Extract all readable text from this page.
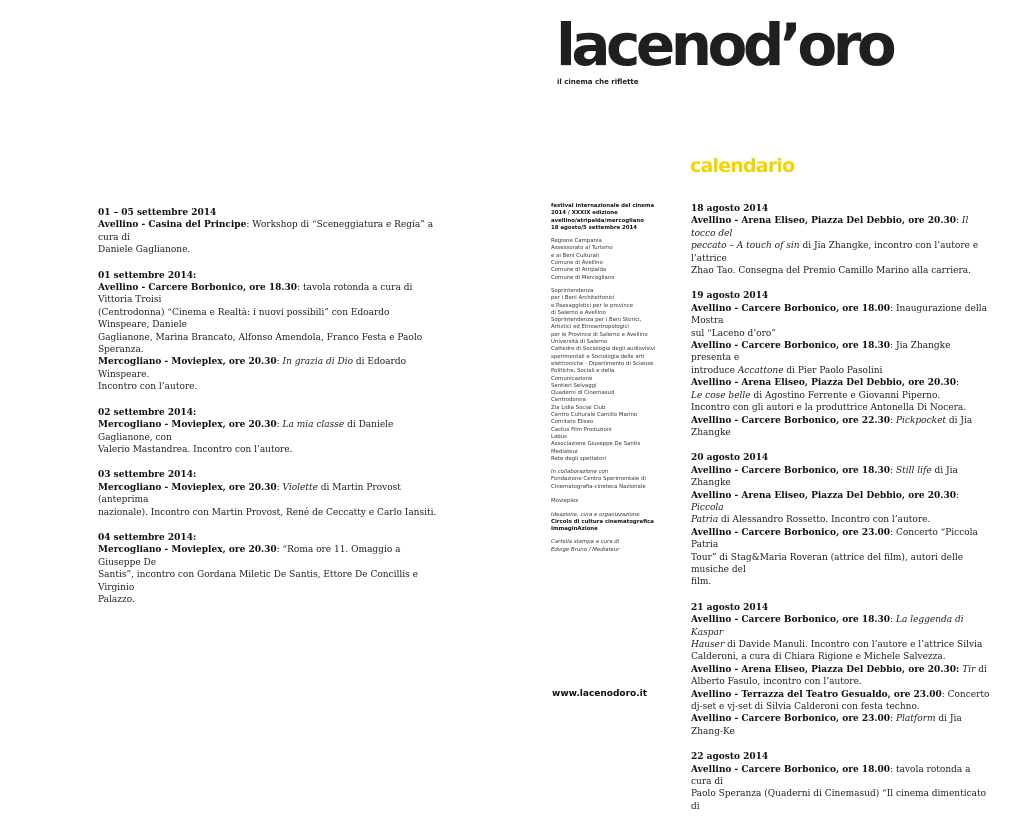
lacenod’oro
il cinema che riflette
calendario
01 – 05 settembre 2014
Avellino - Casina del Principe: Workshop di “Sceneggiatura e Regia” a cura di
Daniele Gaglianone.
01 settembre 2014:
Avellino - Carcere Borbonico, ore 18.30: tavola rotonda a cura di Vittoria Troisi
(Centrodonna) “Cinema e Realtà: i nuovi possibili” con Edoardo Winspeare, Daniele
Gaglianone, Marina Brancato, Alfonso Amendola, Franco Festa e Paolo Speranza.
Mercogliano - Movieplex, ore 20.30: In grazia di Dio di Edoardo Winspeare.
Incontro con l’autore.
02 settembre 2014:
Mercogliano - Movieplex, ore 20.30: La mia classe di Daniele Gaglianone, con
Valerio Mastandrea. Incontro con l’autore.
03 settembre 2014:
Mercogliano - Movieplex, ore 20.30: Violette di Martin Provost (anteprima
nazionale). Incontro con Martin Provost, René de Ceccatty e Carlo Iansiti.
04 settembre 2014:
Mercogliano - Movieplex, ore 20.30: “Roma ore 11. Omaggio a Giuseppe De
Santis”, incontro con Gordana Miletic De Santis, Ettore De Concillis e Virginio
Palazzo.
festival internazionale del cinema
2014 / XXXIX edizione
avellino/atripalda/mercogliano
18 agosto/5 settembre 2014
Regione Campania
Assessorato al Turismo
e ai Beni Culturali
Comune di Avellino
Comune di Atripalda
Comune di Mercogliano
Soprintendenza
per i Beni Architettonici
e Paesaggistici per le province
di Salerno e Avellino
Soprintendenza per i Beni Storici,
Artistici ed Etnoantropologici
per le Province di Salerno e Avellino
Università di Salerno
Cattedre di Sociologia degli audiovisivi
sperimentali e Sociologia delle arti
elettroniche - Dipartimento di Scienze
Politiche, Sociali e della
Comunicazione
Sentieri Selvaggi
Quaderni di Cinemasud
Centrodonna
Zia Lidia Social Club
Centro Culturale Camillo Marino
Comitato Eliseo
Cactus Film Produzioni
Labus
Associazione Giuseppe De Santis
Mediateur
Rete degli spettatori
In collaborazione con
Fondazione Centro Sperimentale di
Cinematografia-cineteca Nazionale

Movieplex
Ideazione, cura e organizzazione
Circolo di cultura cinematografica
ImmaginAzione
Cartella stampa a cura di
Edvige Bruno / Mediateur
www.lacenodoro.it
18 agosto 2014
Avellino - Arena Eliseo, Piazza Del Debbio, ore 20.30: Il tocco del
peccato – A touch of sin di Jia Zhangke, incontro con l’autore e l’attrice
Zhao Tao. Consegna del Premio Camillo Marino alla carriera.
19 agosto 2014
Avellino - Carcere Borbonico, ore 18.00: Inaugurazione della Mostra
sul “Laceno d’oro”
Avellino - Carcere Borbonico, ore 18.30: Jia Zhangke presenta e
introduce Accattone di Pier Paolo Pasolini
Avellino - Arena Eliseo, Piazza Del Debbio, ore 20.30:
Le cose belle di Agostino Ferrente e Giovanni Piperno.
Incontro con gli autori e la produttrice Antonella Di Nocera.
Avellino - Carcere Borbonico, ore 22.30: Pickpocket di Jia Zhangke
20 agosto 2014
Avellino - Carcere Borbonico, ore 18.30: Still life di Jia Zhangke
Avellino - Arena Eliseo, Piazza Del Debbio, ore 20.30: Piccola
Patria di Alessandro Rossetto. Incontro con l’autore.
Avellino - Carcere Borbonico, ore 23.00: Concerto “Piccola Patria
Tour” di Stag&Maria Roveran (attrice del film), autori delle musiche del
film.
21 agosto 2014
Avellino - Carcere Borbonico, ore 18.30: La leggenda di Kaspar
Hauser di Davide Manuli. Incontro con l’autore e l’attrice Silvia
Calderoni, a cura di Chiara Rigione e Michele Salvezza.
Avellino - Arena Eliseo, Piazza Del Debbio, ore 20.30: Tir di
Alberto Fasulo, incontro con l’autore.
Avellino - Terrazza del Teatro Gesualdo, ore 23.00: Concerto
dj-set e vj-set di Silvia Calderoni con festa techno.
Avellino - Carcere Borbonico, ore 23.00: Platform di Jia Zhang-Ke
22 agosto 2014
Avellino - Carcere Borbonico, ore 18.00: tavola rotonda a cura di
Paolo Speranza (Quaderni di Cinemasud) “Il cinema dimenticato di
